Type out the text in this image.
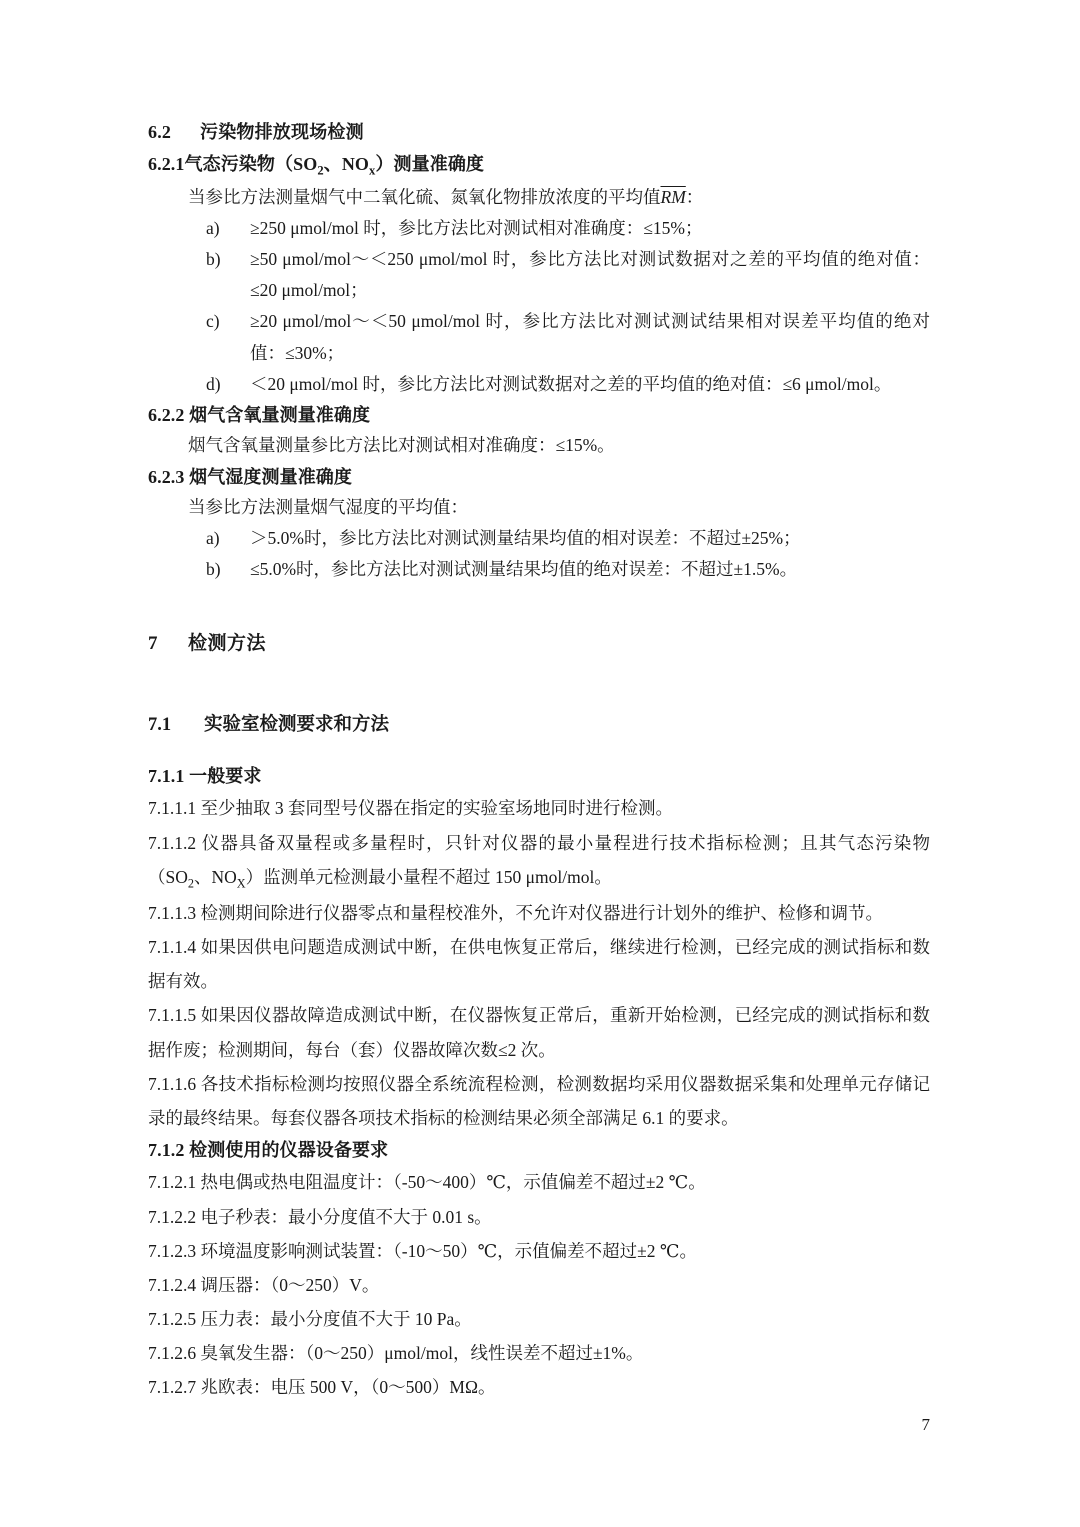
6.2 污染物排放现场检测
6.2.1气态污染物（$SO_2$、$NO_x$）测量准确度

当参比方法测量烟气中二氧化硫、氮氧化物排放浓度的平均值$\overline{RM}$：

a)	≥250 μmol/mol 时，参比方法比对测试相对准确度：≤15%；
b)	≥50 μmol/mol～＜250 μmol/mol 时，参比方法比对测试数据对之差的平均值的绝对值：≤20 μmol/mol；
c)	≥20 μmol/mol～＜50 μmol/mol 时，参比方法比对测试测试结果相对误差平均值的绝对值：≤30%；
d)	＜20 μmol/mol 时，参比方法比对测试数据对之差的平均值的绝对值：≤6 μmol/mol。
6.2.2 烟气含氧量测量准确度

烟气含氧量测量参比方法比对测试相对准确度：≤15%。

6.2.3 烟气湿度测量准确度

当参比方法测量烟气湿度的平均值：

a)	＞5.0%时，参比方法比对测试测量结果均值的相对误差：不超过±25%；
b)	≤5.0%时，参比方法比对测试测量结果均值的绝对误差：不超过±1.5%。
7 检测方法
7.1 实验室检测要求和方法
7.1.1 一般要求

7.1.1.1 至少抽取 3 套同型号仪器在指定的实验室场地同时进行检测。

7.1.1.2 仪器具备双量程或多量程时，只针对仪器的最小量程进行技术指标检测；且其气态污染物（$SO_2$、$NO_X$）监测单元检测最小量程不超过 150 μmol/mol。

7.1.1.3 检测期间除进行仪器零点和量程校准外，不允许对仪器进行计划外的维护、检修和调节。

7.1.1.4 如果因供电问题造成测试中断，在供电恢复正常后，继续进行检测，已经完成的测试指标和数据有效。

7.1.1.5 如果因仪器故障造成测试中断，在仪器恢复正常后，重新开始检测，已经完成的测试指标和数据作废；检测期间，每台（套）仪器故障次数≤2 次。

7.1.1.6 各技术指标检测均按照仪器全系统流程检测，检测数据均采用仪器数据采集和处理单元存储记录的最终结果。每套仪器各项技术指标的检测结果必须全部满足 6.1 的要求。

7.1.2 检测使用的仪器设备要求

7.1.2.1 热电偶或热电阻温度计：（-50～400）℃，示值偏差不超过±2 ℃。

7.1.2.2 电子秒表：最小分度值不大于 0.01 s。

7.1.2.3 环境温度影响测试装置：（-10～50）℃，示值偏差不超过±2 ℃。

7.1.2.4 调压器：（0～250）V。

7.1.2.5 压力表：最小分度值不大于 10 Pa。

7.1.2.6 臭氧发生器：（0～250）μmol/mol，线性误差不超过±1%。

7.1.2.7 兆欧表：电压 500 V，（0～500）MΩ。

7
